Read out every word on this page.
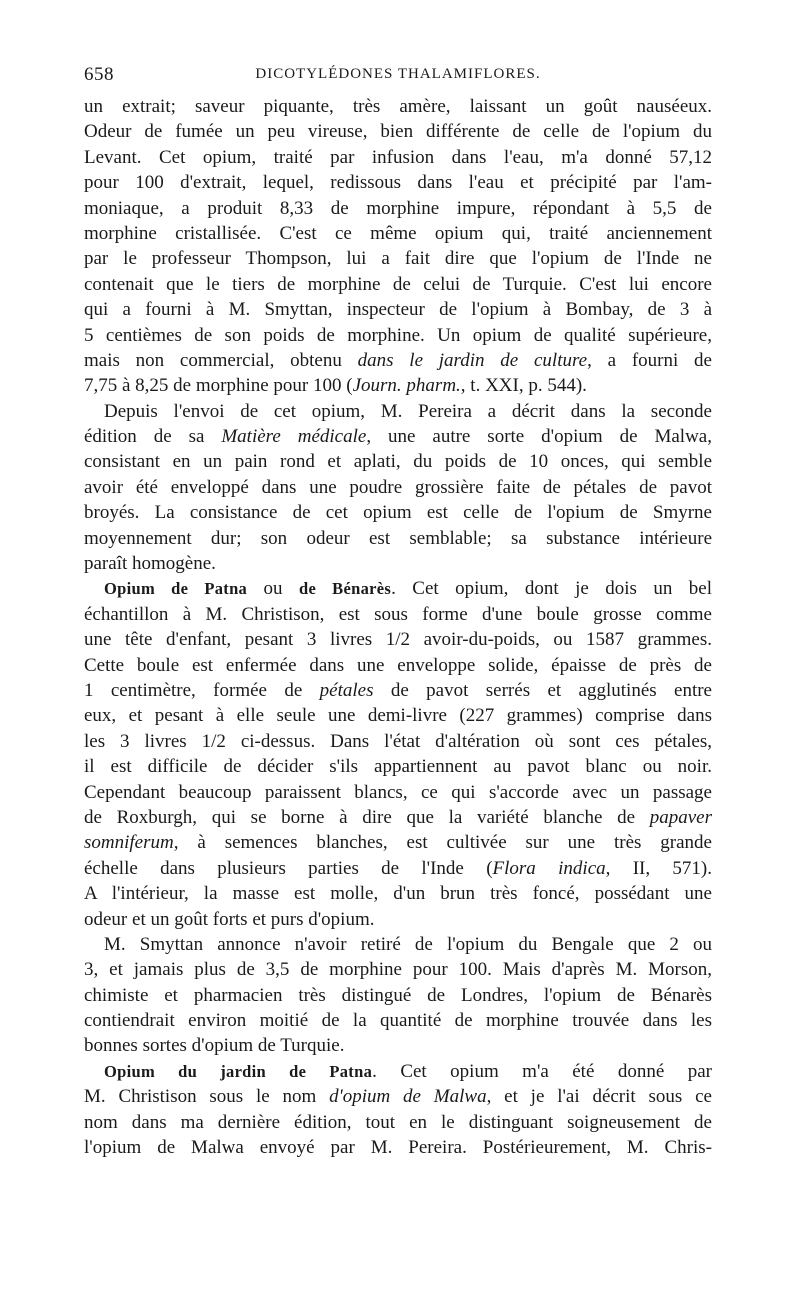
658	DICOTYLÉDONES THALAMIFLORES.
un extrait; saveur piquante, très amère, laissant un goût nauséeux.
Odeur de fumée un peu vireuse, bien différente de celle de l'opium du
Levant. Cet opium, traité par infusion dans l'eau, m'a donné 57,12
pour 100 d'extrait, lequel, redissous dans l'eau et précipité par l'am-
moniaque, a produit 8,33 de morphine impure, répondant à 5,5 de
morphine cristallisée. C'est ce même opium qui, traité anciennement
par le professeur Thompson, lui a fait dire que l'opium de l'Inde ne
contenait que le tiers de morphine de celui de Turquie. C'est lui encore
qui a fourni à M. Smyttan, inspecteur de l'opium à Bombay, de 3 à
5 centièmes de son poids de morphine. Un opium de qualité supérieure,
mais non commercial, obtenu dans le jardin de culture, a fourni de
7,75 à 8,25 de morphine pour 100 (Journ. pharm., t. XXI, p. 544).
Depuis l'envoi de cet opium, M. Pereira a décrit dans la seconde
édition de sa Matière médicale, une autre sorte d'opium de Malwa,
consistant en un pain rond et aplati, du poids de 10 onces, qui semble
avoir été enveloppé dans une poudre grossière faite de pétales de pavot
broyés. La consistance de cet opium est celle de l'opium de Smyrne
moyennement dur; son odeur est semblable; sa substance intérieure
paraît homogène.
Opium de Patna ou de Bénarès. Cet opium, dont je dois un bel
échantillon à M. Christison, est sous forme d'une boule grosse comme
une tête d'enfant, pesant 3 livres 1/2 avoir-du-poids, ou 1587 grammes.
Cette boule est enfermée dans une enveloppe solide, épaisse de près de
1 centimètre, formée de pétales de pavot serrés et agglutinés entre
eux, et pesant à elle seule une demi-livre (227 grammes) comprise dans
les 3 livres 1/2 ci-dessus. Dans l'état d'altération où sont ces pétales,
il est difficile de décider s'ils appartiennent au pavot blanc ou noir.
Cependant beaucoup paraissent blancs, ce qui s'accorde avec un passage
de Roxburgh, qui se borne à dire que la variété blanche de papaver
somniferum, à semences blanches, est cultivée sur une très grande
échelle dans plusieurs parties de l'Inde (Flora indica, II, 571).
A l'intérieur, la masse est molle, d'un brun très foncé, possédant une
odeur et un goût forts et purs d'opium.
M. Smyttan annonce n'avoir retiré de l'opium du Bengale que 2 ou
3, et jamais plus de 3,5 de morphine pour 100. Mais d'après M. Morson,
chimiste et pharmacien très distingué de Londres, l'opium de Bénarès
contiendrait environ moitié de la quantité de morphine trouvée dans les
bonnes sortes d'opium de Turquie.
Opium du jardin de Patna. Cet opium m'a été donné par
M. Christison sous le nom d'opium de Malwa, et je l'ai décrit sous ce
nom dans ma dernière édition, tout en le distinguant soigneusement de
l'opium de Malwa envoyé par M. Pereira. Postérieurement, M. Chris-
